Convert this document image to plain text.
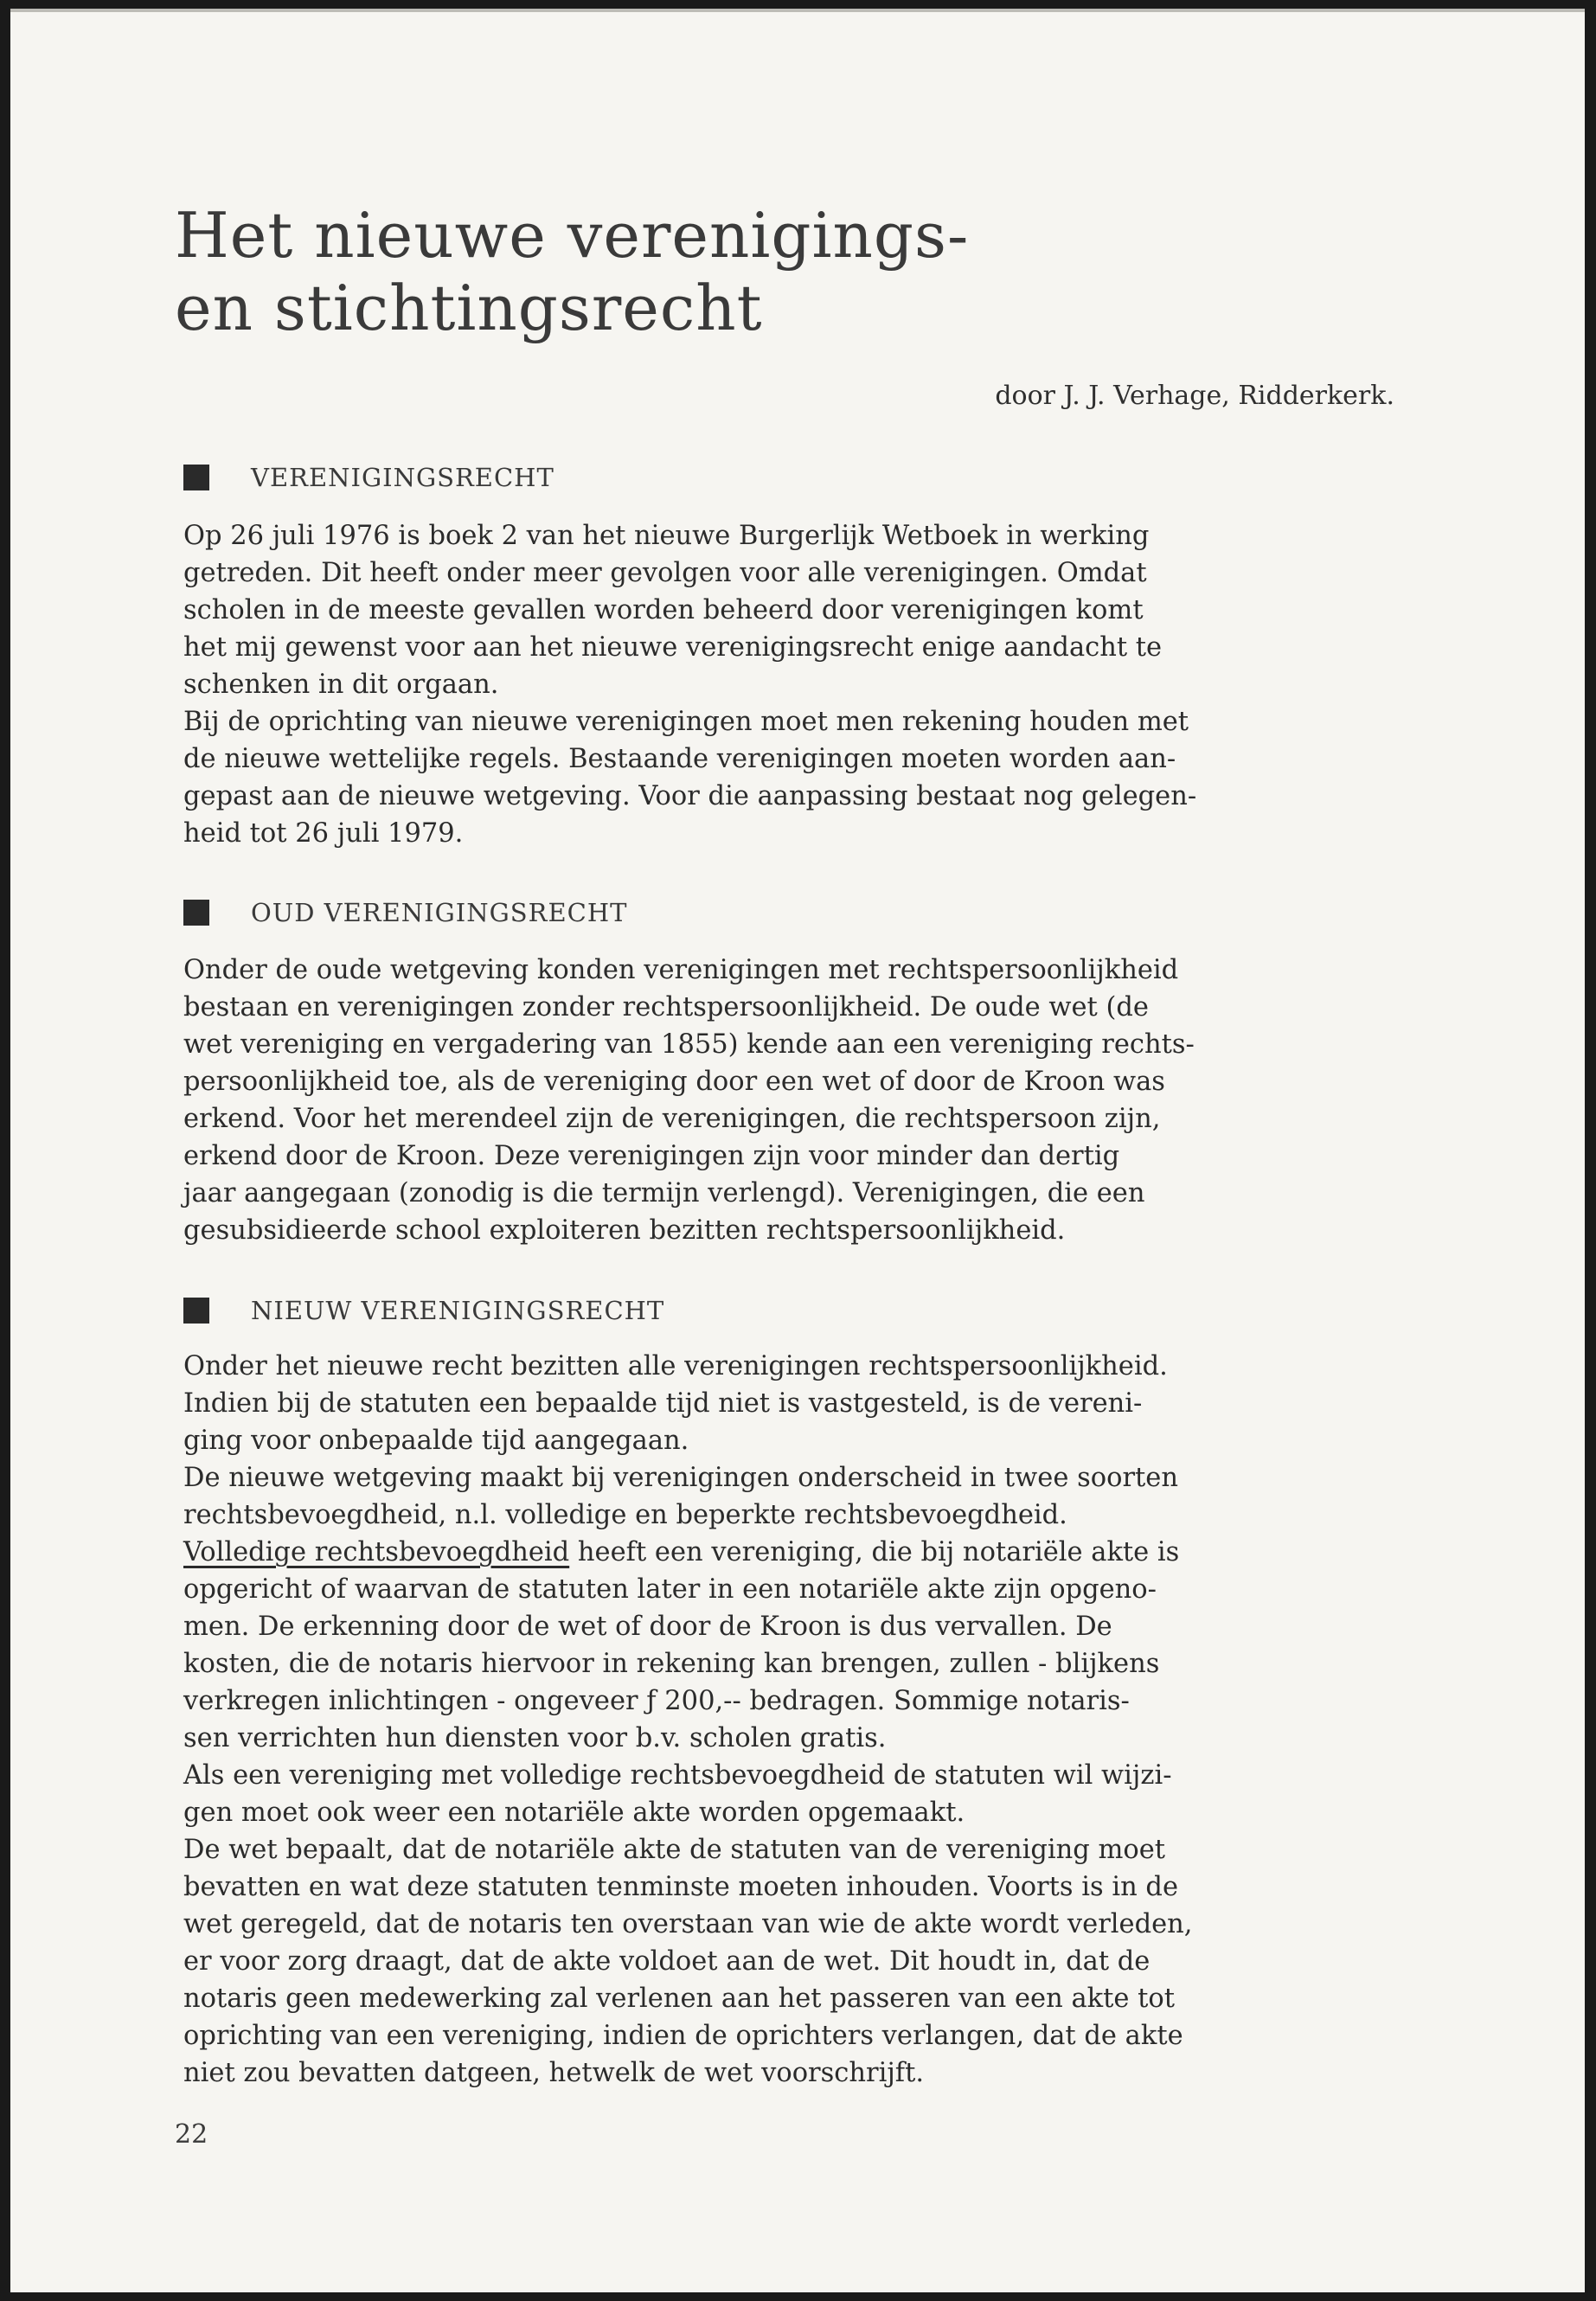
Het nieuwe verenigings-
en stichtingsrecht
door J. J. Verhage, Ridderkerk.
VERENIGINGSRECHT

Op 26 juli 1976 is boek 2 van het nieuwe Burgerlijk Wetboek in werking

getreden. Dit heeft onder meer gevolgen voor alle verenigingen. Omdat

scholen in de meeste gevallen worden beheerd door verenigingen komt

het mij gewenst voor aan het nieuwe verenigingsrecht enige aandacht te

schenken in dit orgaan.

Bij de oprichting van nieuwe verenigingen moet men rekening houden met

de nieuwe wettelijke regels. Bestaande verenigingen moeten worden aan-

gepast aan de nieuwe wetgeving. Voor die aanpassing bestaat nog gelegen-

heid tot 26 juli 1979.

OUD VERENIGINGSRECHT

Onder de oude wetgeving konden verenigingen met rechtspersoonlijkheid

bestaan en verenigingen zonder rechtspersoonlijkheid. De oude wet (de

wet vereniging en vergadering van 1855) kende aan een vereniging rechts-

persoonlijkheid toe, als de vereniging door een wet of door de Kroon was

erkend. Voor het merendeel zijn de verenigingen, die rechtspersoon zijn,

erkend door de Kroon. Deze verenigingen zijn voor minder dan dertig

jaar aangegaan (zonodig is die termijn verlengd). Verenigingen, die een

gesubsidieerde school exploiteren bezitten rechtspersoonlijkheid.

NIEUW VERENIGINGSRECHT

Onder het nieuwe recht bezitten alle verenigingen rechtspersoonlijkheid.

Indien bij de statuten een bepaalde tijd niet is vastgesteld, is de vereni-

ging voor onbepaalde tijd aangegaan.

De nieuwe wetgeving maakt bij verenigingen onderscheid in twee soorten

rechtsbevoegdheid, n.l. volledige en beperkte rechtsbevoegdheid.

Volledige rechtsbevoegdheid heeft een vereniging, die bij notariële akte is

opgericht of waarvan de statuten later in een notariële akte zijn opgeno-

men. De erkenning door de wet of door de Kroon is dus vervallen. De

kosten, die de notaris hiervoor in rekening kan brengen, zullen - blijkens

verkregen inlichtingen - ongeveer ƒ 200,-- bedragen. Sommige notaris-

sen verrichten hun diensten voor b.v. scholen gratis.

Als een vereniging met volledige rechtsbevoegdheid de statuten wil wijzi-

gen moet ook weer een notariële akte worden opgemaakt.

De wet bepaalt, dat de notariële akte de statuten van de vereniging moet

bevatten en wat deze statuten tenminste moeten inhouden. Voorts is in de

wet geregeld, dat de notaris ten overstaan van wie de akte wordt verleden,

er voor zorg draagt, dat de akte voldoet aan de wet. Dit houdt in, dat de

notaris geen medewerking zal verlenen aan het passeren van een akte tot

oprichting van een vereniging, indien de oprichters verlangen, dat de akte

niet zou bevatten datgeen, hetwelk de wet voorschrijft.

22
